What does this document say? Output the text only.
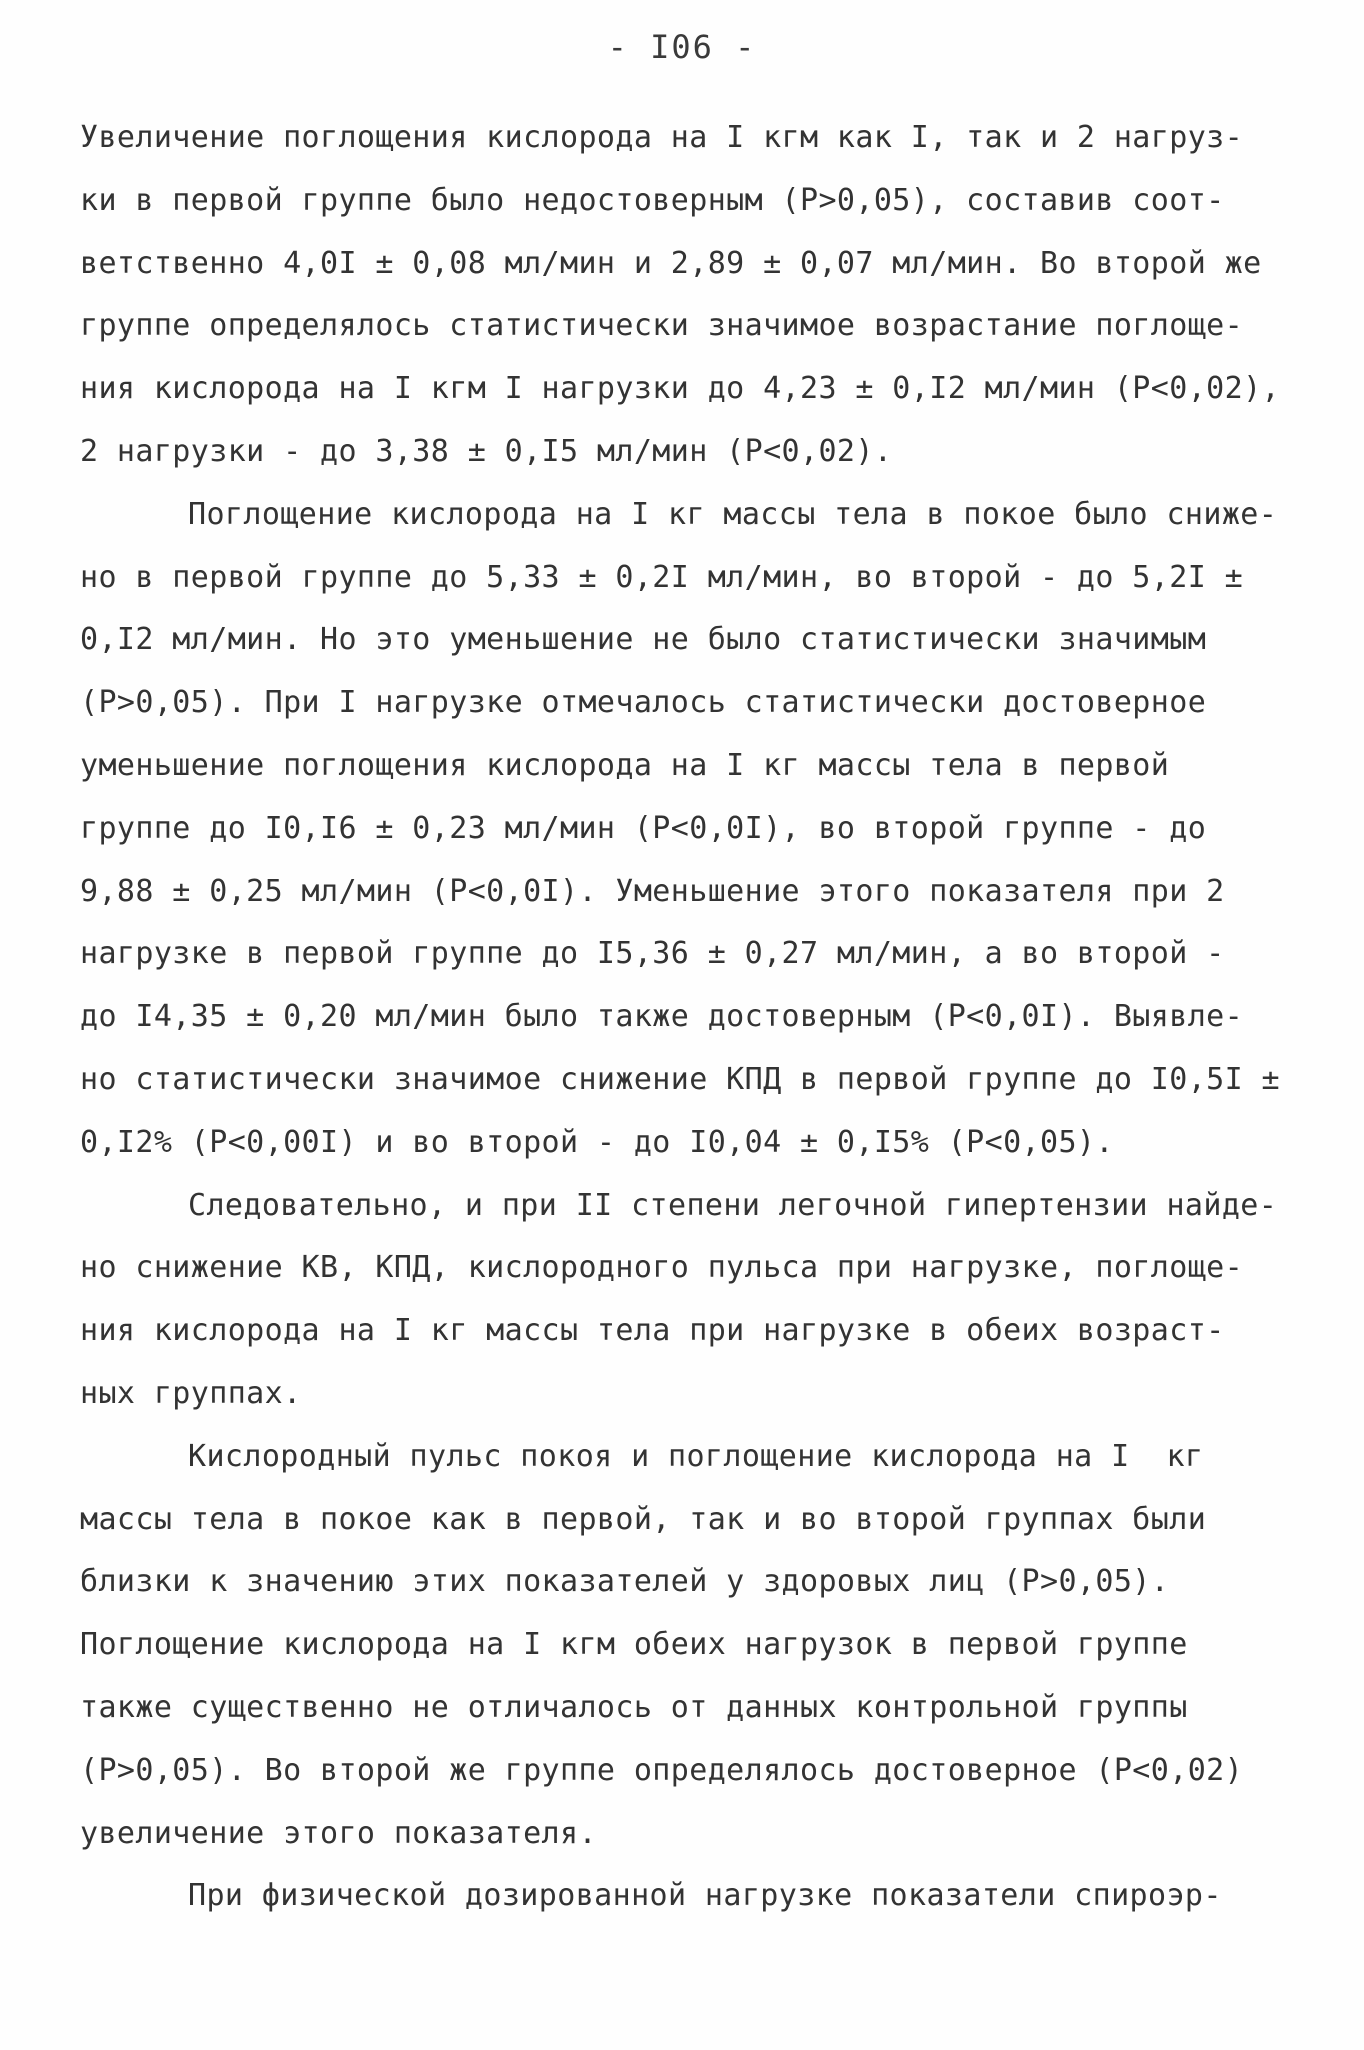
- I06 -
Увеличение поглощения кислорода на I кгм как I, так и 2 нагруз-
ки в первой группе было недостоверным (P>0,05), составив соот-
ветственно 4,0I ± 0,08 мл/мин и 2,89 ± 0,07 мл/мин. Во второй же
группе определялось статистически значимое возрастание поглоще-
ния кислорода на I кгм I нагрузки до 4,23 ± 0,I2 мл/мин (P<0,02),
2 нагрузки - до 3,38 ± 0,I5 мл/мин (P<0,02).
Поглощение кислорода на I кг массы тела в покое было сниже-
но в первой группе до 5,33 ± 0,2I мл/мин, во второй - до 5,2I ±
0,I2 мл/мин. Но это уменьшение не было статистически значимым
(P>0,05). При I нагрузке отмечалось статистически достоверное
уменьшение поглощения кислорода на I кг массы тела в первой
группе до I0,I6 ± 0,23 мл/мин (P<0,0I), во второй группе - до
9,88 ± 0,25 мл/мин (P<0,0I). Уменьшение этого показателя при 2
нагрузке в первой группе до I5,36 ± 0,27 мл/мин, а во второй -
до I4,35 ± 0,20 мл/мин было также достоверным (P<0,0I). Выявле-
но статистически значимое снижение КПД в первой группе до I0,5I ±
0,I2% (P<0,00I) и во второй - до I0,04 ± 0,I5% (P<0,05).
Следовательно, и при II степени легочной гипертензии найде-
но снижение КВ, КПД, кислородного пульса при нагрузке, поглоще-
ния кислорода на I кг массы тела при нагрузке в обеих возраст-
ных группах.
Кислородный пульс покоя и поглощение кислорода на I  кг
массы тела в покое как в первой, так и во второй группах были
близки к значению этих показателей у здоровых лиц (P>0,05).
Поглощение кислорода на I кгм обеих нагрузок в первой группе
также существенно не отличалось от данных контрольной группы
(P>0,05). Во второй же группе определялось достоверное (P<0,02)
увеличение этого показателя.
При физической дозированной нагрузке показатели спироэр-
